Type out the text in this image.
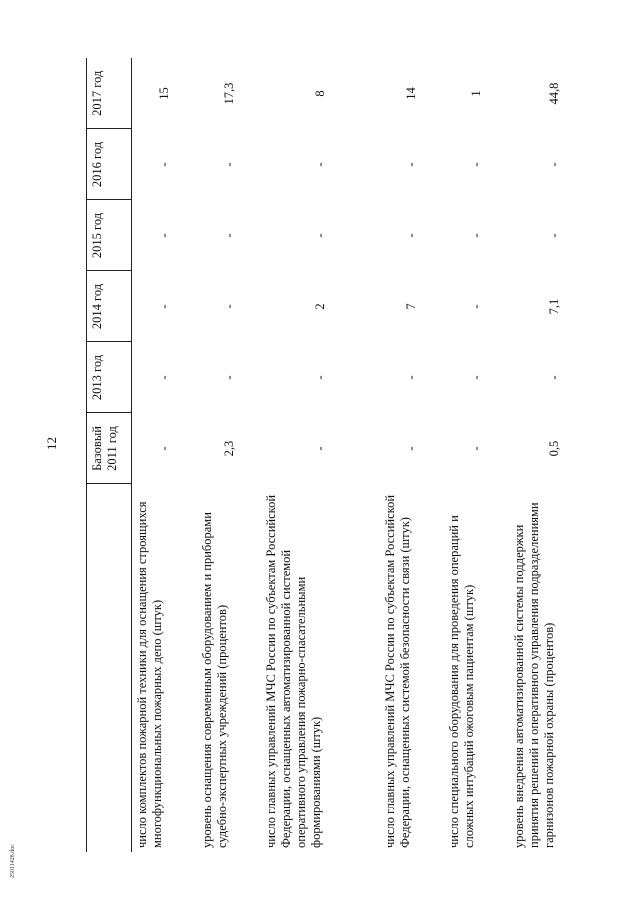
12
25011428.doc
	Базовый 2011 год	2013 год	2014 год	2015 год	2016 год	2017 год
число комплектов пожарной техники для оснащения строящихся многофункциональных пожарных депо (штук)	-	-	-	-	-	15
уровень оснащения современным оборудованием и приборами судебно-экспертных учреждений (процентов)	2,3	-	-	-	-	17,3
число главных управлений МЧС России по субъектам Российской Федерации, оснащенных автоматизированной системой оперативного управления пожарно-спасательными формированиями (штук)	-	-	2	-	-	8
число главных управлений МЧС России по субъектам Российской Федерации, оснащенных системой безопасности связи (штук)	-	-	7	-	-	14
число специального оборудования для проведения операций и сложных интубаций ожоговым пациентам (штук)	-	-	-	-	-	1
уровень внедрения автоматизированной системы поддержки принятия решений и оперативного управления подразделениями гарнизонов пожарной охраны (процентов)	0,5	-	7,1	-	-	44,8
